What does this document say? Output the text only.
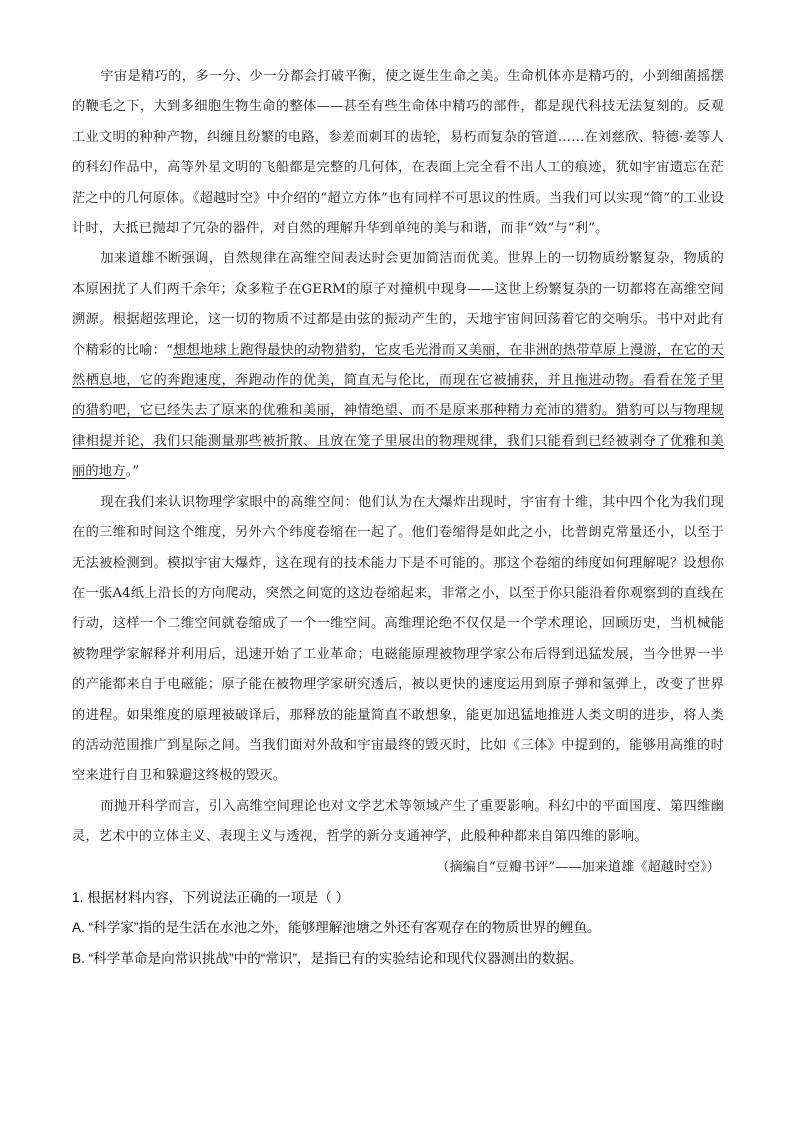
宇宙是精巧的，多一分、少一分都会打破平衡，使之诞生生命之美。生命机体亦是精巧的，小到细菌摇摆的鞭毛之下，大到多细胞生物生命的整体——甚至有些生命体中精巧的部件，都是现代科技无法复刻的。反观工业文明的种种产物，纠缠且纷繁的电路，参差而刺耳的齿轮，易朽而复杂的管道……在刘慈欣、特德·姜等人的科幻作品中，高等外星文明的飞船都是完整的几何体，在表面上完全看不出人工的痕迹，犹如宇宙遗忘在茫茫之中的几何原体。《超越时空》中介绍的“超立方体”也有同样不可思议的性质。当我们可以实现“简”的工业设计时，大抵已抛却了冗杂的器件，对自然的理解升华到单纯的美与和谐，而非“效”与“利”。

加来道雄不断强调，自然规律在高维空间表达时会更加简洁而优美。世界上的一切物质纷繁复杂，物质的本原困扰了人们两千余年；众多粒子在GERM的原子对撞机中现身——这世上纷繁复杂的一切都将在高维空间溯源。根据超弦理论，这一切的物质不过都是由弦的振动产生的，天地宇宙间回荡着它的交响乐。书中对此有个精彩的比喻：“想想地球上跑得最快的动物猎豹，它皮毛光滑而又美丽，在非洲的热带草原上漫游，在它的天然栖息地，它的奔跑速度，奔跑动作的优美，简直无与伦比，而现在它被捕获，并且拖进动物。看看在笼子里的猎豹吧，它已经失去了原来的优雅和美丽，神情绝望、而不是原来那种精力充沛的猎豹。猎豹可以与物理规律相提并论，我们只能测量那些被折散、且放在笼子里展出的物理规律，我们只能看到已经被剥夺了优雅和美丽的地方。”

现在我们来认识物理学家眼中的高维空间：他们认为在大爆炸出现时，宇宙有十维，其中四个化为我们现在的三维和时间这个维度，另外六个纬度卷缩在一起了。他们卷缩得是如此之小，比普朗克常量还小，以至于无法被检测到。模拟宇宙大爆炸，这在现有的技术能力下是不可能的。那这个卷缩的纬度如何理解呢？设想你在一张A4纸上沿长的方向爬动，突然之间宽的这边卷缩起来，非常之小，以至于你只能沿着你观察到的直线在行动，这样一个二维空间就卷缩成了一个一维空间。高维理论绝不仅仅是一个学术理论，回顾历史，当机械能被物理学家解释并利用后，迅速开始了工业革命；电磁能原理被物理学家公布后得到迅猛发展，当今世界一半的产能都来自于电磁能；原子能在被物理学家研究透后，被以更快的速度运用到原子弹和氢弹上，改变了世界的进程。如果维度的原理被破译后，那释放的能量简直不敢想象，能更加迅猛地推进人类文明的进步，将人类的活动范围推广到星际之间。当我们面对外敌和宇宙最终的毁灭时，比如《三体》中提到的，能够用高维的时空来进行自卫和躲避这终极的毁灭。

而抛开科学而言，引入高维空间理论也对文学艺术等领域产生了重要影响。科幻中的平面国度、第四维幽灵，艺术中的立体主义、表现主义与透视，哲学的新分支通神学，此般种种都来自第四维的影响。

（摘编自“豆瓣书评”——加来道雄《超越时空》）

1. 根据材料内容，下列说法正确的一项是（ ）

A. “科学家”指的是生活在水池之外，能够理解池塘之外还有客观存在的物质世界的鲤鱼。

B. “科学革命是向常识挑战”中的“常识”，是指已有的实验结论和现代仪器测出的数据。
